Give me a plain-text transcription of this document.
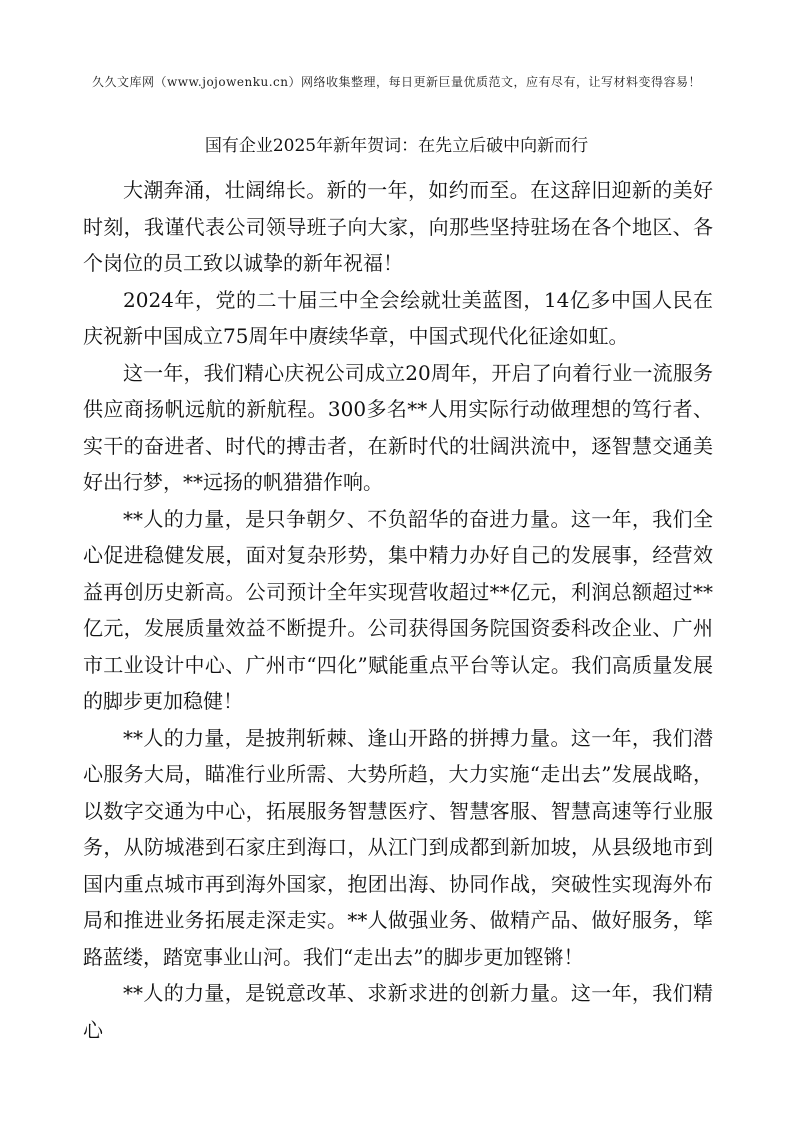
久久文库网（www.jojowenku.cn）网络收集整理，每日更新巨量优质范文，应有尽有，让写材料变得容易！
国有企业2025年新年贺词：在先立后破中向新而行

大潮奔涌，壮阔绵长。新的一年，如约而至。在这辞旧迎新的美好时刻，我谨代表公司领导班子向大家，向那些坚持驻场在各个地区、各个岗位的员工致以诚挚的新年祝福！

2024年，党的二十届三中全会绘就壮美蓝图，14亿多中国人民在庆祝新中国成立75周年中赓续华章，中国式现代化征途如虹。

这一年，我们精心庆祝公司成立20周年，开启了向着行业一流服务供应商扬帆远航的新航程。300多名**人用实际行动做理想的笃行者、实干的奋进者、时代的搏击者，在新时代的壮阔洪流中，逐智慧交通美好出行梦，**远扬的帆猎猎作响。

**人的力量，是只争朝夕、不负韶华的奋进力量。这一年，我们全心促进稳健发展，面对复杂形势，集中精力办好自己的发展事，经营效益再创历史新高。公司预计全年实现营收超过**亿元，利润总额超过**亿元，发展质量效益不断提升。公司获得国务院国资委科改企业、广州市工业设计中心、广州市“四化”赋能重点平台等认定。我们高质量发展的脚步更加稳健！

**人的力量，是披荆斩棘、逢山开路的拼搏力量。这一年，我们潜心服务大局，瞄准行业所需、大势所趋，大力实施“走出去”发展战略，以数字交通为中心，拓展服务智慧医疗、智慧客服、智慧高速等行业服务，从防城港到石家庄到海口，从江门到成都到新加坡，从县级地市到国内重点城市再到海外国家，抱团出海、协同作战，突破性实现海外布局和推进业务拓展走深走实。**人做强业务、做精产品、做好服务，筚路蓝缕，踏宽事业山河。我们“走出去”的脚步更加铿锵！

**人的力量，是锐意改革、求新求进的创新力量。这一年，我们精心
